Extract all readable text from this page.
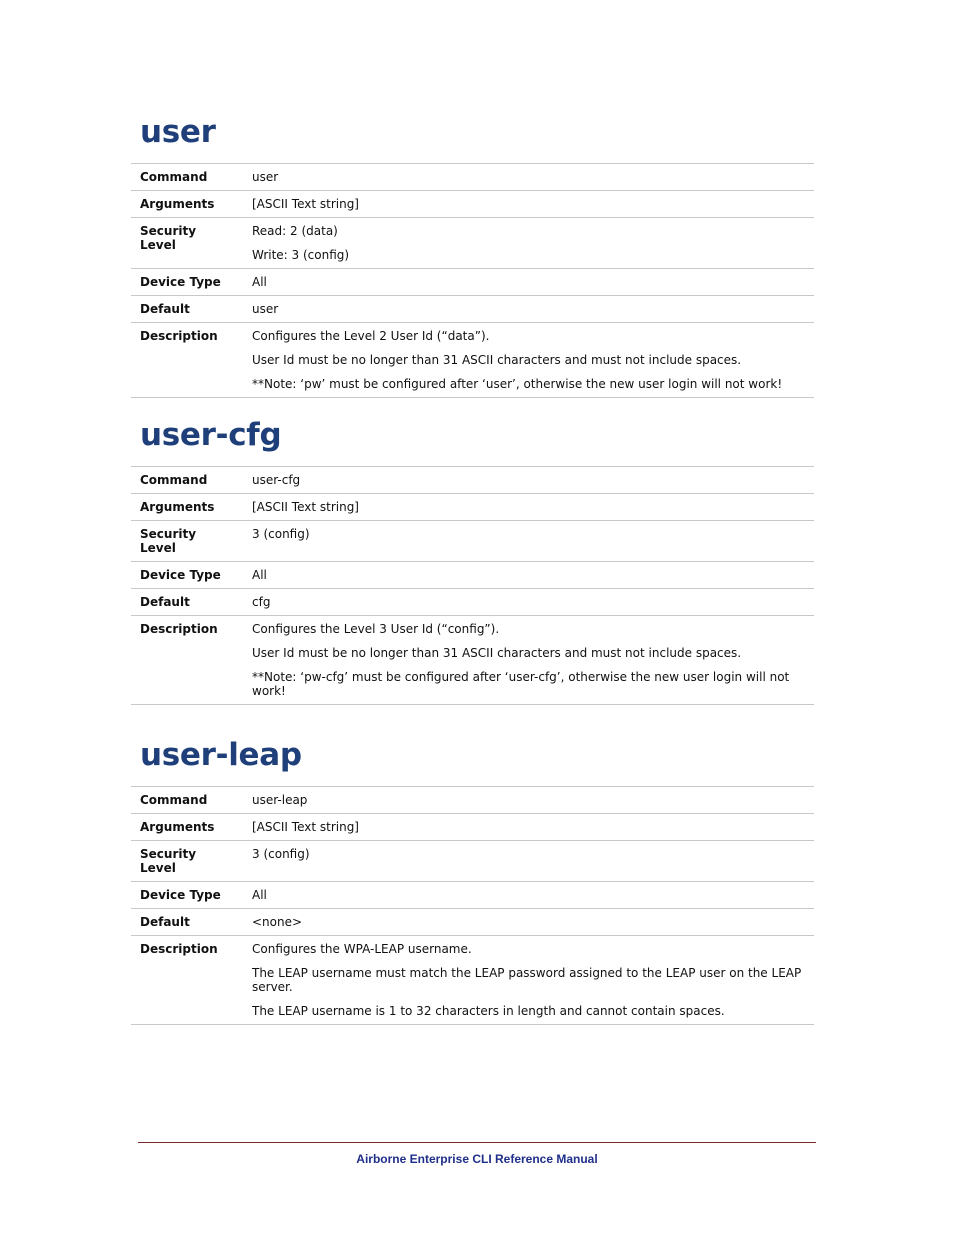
user
Command	user

Arguments	[ASCII Text string]

Security Level	Read: 2 (data)
Write: 3 (config)

Device Type	All

Default	user

Description	Configures the Level 2 User Id (“data”).
User Id must be no longer than 31 ASCII characters and must not include spaces.
**Note: ‘pw’ must be configured after ‘user’, otherwise the new user login will not work!
user-cfg
Command	user-cfg

Arguments	[ASCII Text string]

Security Level	3 (config)

Device Type	All

Default	cfg

Description	Configures the Level 3 User Id (“config”).
User Id must be no longer than 31 ASCII characters and must not include spaces.
**Note: ‘pw-cfg’ must be configured after ‘user-cfg’, otherwise the new user login will not work!
user-leap
Command	user-leap

Arguments	[ASCII Text string]

Security Level	3 (config)

Device Type	All

Default	<none>

Description	Configures the WPA-LEAP username.
The LEAP username must match the LEAP password assigned to the LEAP user on the LEAP server.
The LEAP username is 1 to 32 characters in length and cannot contain spaces.
Airborne Enterprise CLI Reference Manual
